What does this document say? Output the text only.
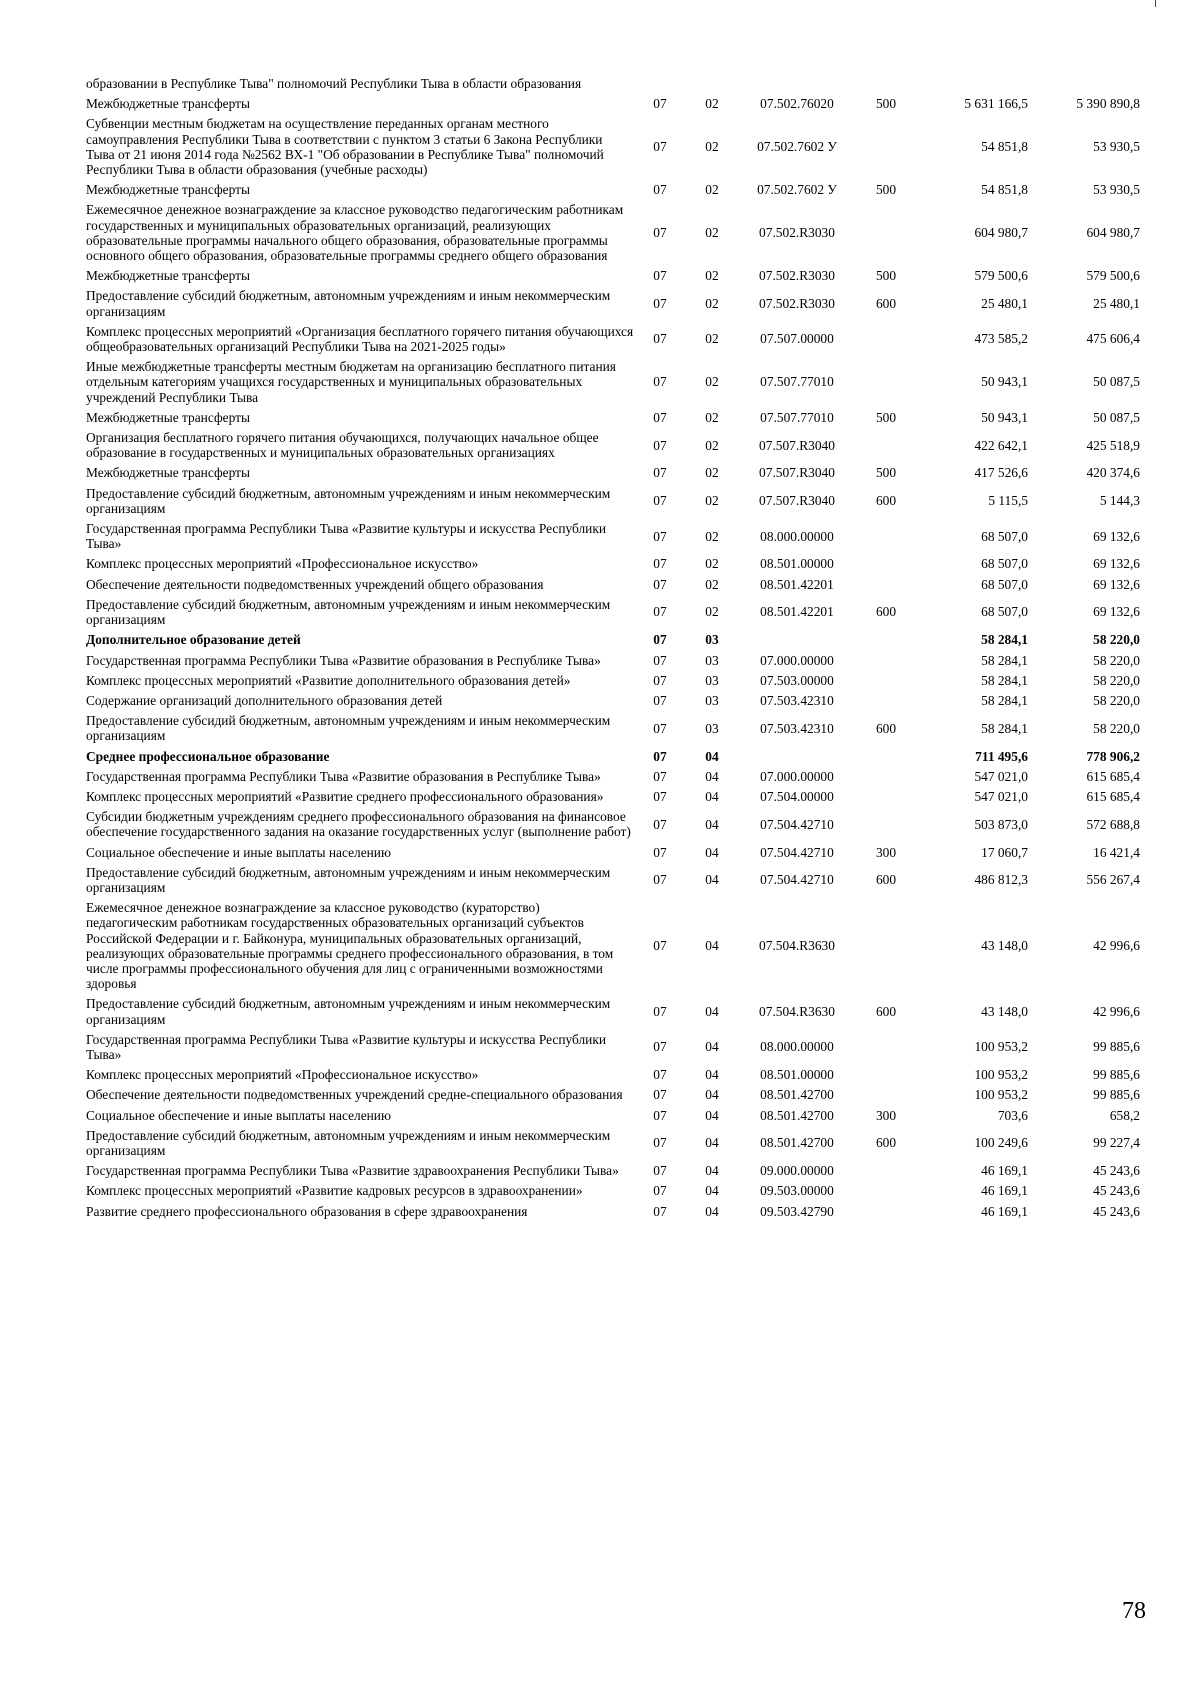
образовании в Республике Тыва" полномочий Республики Тыва в области образования						
Межбюджетные трансферты	07	02	07.502.76020	500	5 631 166,5	5 390 890,8
Субвенции местным бюджетам на осуществление переданных органам местного самоуправления Республики Тыва в соответствии с пунктом 3 статьи 6 Закона Республики Тыва от 21 июня 2014 года №2562 ВХ-1 "Об образовании в Республике Тыва" полномочий Республики Тыва в области образования (учебные расходы)	07	02	07.502.7602 У		54 851,8	53 930,5
Межбюджетные трансферты	07	02	07.502.7602 У	500	54 851,8	53 930,5
Ежемесячное денежное вознаграждение за классное руководство педагогическим работникам государственных и муниципальных образовательных организаций, реализующих образовательные программы начального общего образования, образовательные программы основного общего образования, образовательные программы среднего общего образования	07	02	07.502.R3030		604 980,7	604 980,7
Межбюджетные трансферты	07	02	07.502.R3030	500	579 500,6	579 500,6
Предоставление субсидий бюджетным, автономным учреждениям и иным некоммерческим организациям	07	02	07.502.R3030	600	25 480,1	25 480,1
Комплекс процессных мероприятий «Организация бесплатного горячего питания обучающихся общеобразовательных организаций Республики Тыва на 2021-2025 годы»	07	02	07.507.00000		473 585,2	475 606,4
Иные межбюджетные трансферты местным бюджетам на организацию бесплатного питания отдельным категориям учащихся государственных и муниципальных образовательных учреждений Республики Тыва	07	02	07.507.77010		50 943,1	50 087,5
Межбюджетные трансферты	07	02	07.507.77010	500	50 943,1	50 087,5
Организация бесплатного горячего питания обучающихся, получающих начальное общее образование в государственных и муниципальных образовательных организациях	07	02	07.507.R3040		422 642,1	425 518,9
Межбюджетные трансферты	07	02	07.507.R3040	500	417 526,6	420 374,6
Предоставление субсидий бюджетным, автономным учреждениям и иным некоммерческим организациям	07	02	07.507.R3040	600	5 115,5	5 144,3
Государственная программа Республики Тыва «Развитие культуры и искусства Республики Тыва»	07	02	08.000.00000		68 507,0	69 132,6
Комплекс процессных мероприятий «Профессиональное искусство»	07	02	08.501.00000		68 507,0	69 132,6
Обеспечение деятельности подведомственных учреждений общего образования	07	02	08.501.42201		68 507,0	69 132,6
Предоставление субсидий бюджетным, автономным учреждениям и иным некоммерческим организациям	07	02	08.501.42201	600	68 507,0	69 132,6
Дополнительное образование детей	07	03			58 284,1	58 220,0
Государственная программа Республики Тыва «Развитие образования в Республике Тыва»	07	03	07.000.00000		58 284,1	58 220,0
Комплекс процессных мероприятий «Развитие дополнительного образования детей»	07	03	07.503.00000		58 284,1	58 220,0
Содержание организаций дополнительного образования детей	07	03	07.503.42310		58 284,1	58 220,0
Предоставление субсидий бюджетным, автономным учреждениям и иным некоммерческим организациям	07	03	07.503.42310	600	58 284,1	58 220,0
Среднее профессиональное образование	07	04			711 495,6	778 906,2
Государственная программа Республики Тыва «Развитие образования в Республике Тыва»	07	04	07.000.00000		547 021,0	615 685,4
Комплекс процессных мероприятий «Развитие среднего профессионального образования»	07	04	07.504.00000		547 021,0	615 685,4
Субсидии бюджетным учреждениям среднего профессионального образования на финансовое обеспечение государственного задания на оказание государственных услуг (выполнение работ)	07	04	07.504.42710		503 873,0	572 688,8
Социальное обеспечение и иные выплаты населению	07	04	07.504.42710	300	17 060,7	16 421,4
Предоставление субсидий бюджетным, автономным учреждениям и иным некоммерческим организациям	07	04	07.504.42710	600	486 812,3	556 267,4
Ежемесячное денежное вознаграждение за классное руководство (кураторство) педагогическим работникам государственных образовательных организаций субъектов Российской Федерации и г. Байконура, муниципальных образовательных организаций, реализующих образовательные программы среднего профессионального образования, в том числе программы профессионального обучения для лиц с ограниченными возможностями здоровья	07	04	07.504.R3630		43 148,0	42 996,6
Предоставление субсидий бюджетным, автономным учреждениям и иным некоммерческим организациям	07	04	07.504.R3630	600	43 148,0	42 996,6
Государственная программа Республики Тыва «Развитие культуры и искусства Республики Тыва»	07	04	08.000.00000		100 953,2	99 885,6
Комплекс процессных мероприятий «Профессиональное искусство»	07	04	08.501.00000		100 953,2	99 885,6
Обеспечение деятельности подведомственных учреждений средне-специального образования	07	04	08.501.42700		100 953,2	99 885,6
Социальное обеспечение и иные выплаты населению	07	04	08.501.42700	300	703,6	658,2
Предоставление субсидий бюджетным, автономным учреждениям и иным некоммерческим организациям	07	04	08.501.42700	600	100 249,6	99 227,4
Государственная программа Республики Тыва «Развитие здравоохранения Республики Тыва»	07	04	09.000.00000		46 169,1	45 243,6
Комплекс процессных мероприятий «Развитие кадровых ресурсов в здравоохранении»	07	04	09.503.00000		46 169,1	45 243,6
Развитие среднего профессионального образования в сфере здравоохранения	07	04	09.503.42790		46 169,1	45 243,6
78
